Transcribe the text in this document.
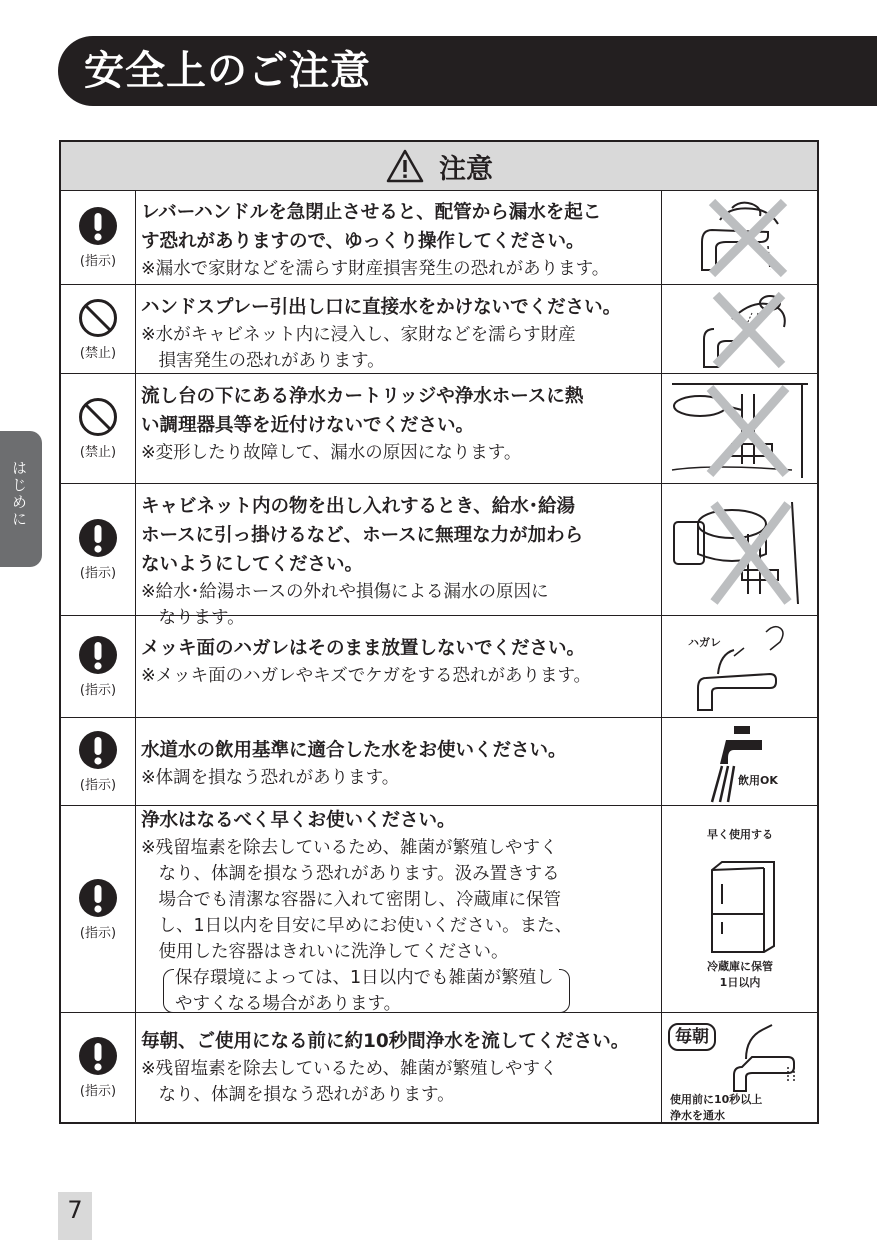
安全上のご注意
はじめに
注意
(指示)
レバーハンドルを急閉止させると、配管から漏水を起こ
す恐れがありますので、ゆっくり操作してください。
※漏水で家財などを濡らす財産損害発生の恐れがあります。
(禁止)
ハンドスプレー引出し口に直接水をかけないでください。
※水がキャビネット内に浸入し、家財などを濡らす財産
　損害発生の恐れがあります。
(禁止)
流し台の下にある浄水カートリッジや浄水ホースに熱
い調理器具等を近付けないでください。
※変形したり故障して、漏水の原因になります。
(指示)
キャビネット内の物を出し入れするとき、給水･給湯
ホースに引っ掛けるなど、ホースに無理な力が加わら
ないようにしてください。
※給水･給湯ホースの外れや損傷による漏水の原因に
　なります。
(指示)
メッキ面のハガレはそのまま放置しないでください。
※メッキ面のハガレやキズでケガをする恐れがあります。
ハガレ
(指示)
水道水の飲用基準に適合した水をお使いください。
※体調を損なう恐れがあります。	飲用OK
(指示)
浄水はなるべく早くお使いください。
※残留塩素を除去しているため、雑菌が繁殖しやすく
　なり、体調を損なう恐れがあります。汲み置きする
　場合でも清潔な容器に入れて密閉し、冷蔵庫に保管
　し、1日以内を目安に早めにお使いください。また、
　使用した容器はきれいに洗浄してください。
保存環境によっては、1日以内でも雑菌が繁殖し
やすくなる場合があります。
早く使用する
冷蔵庫に保管
1日以内
(指示)
毎朝、ご使用になる前に約10秒間浄水を流してください。
※残留塩素を除去しているため、雑菌が繁殖しやすく
　なり、体調を損なう恐れがあります。
毎朝
使用前に10秒以上
浄水を通水
7
